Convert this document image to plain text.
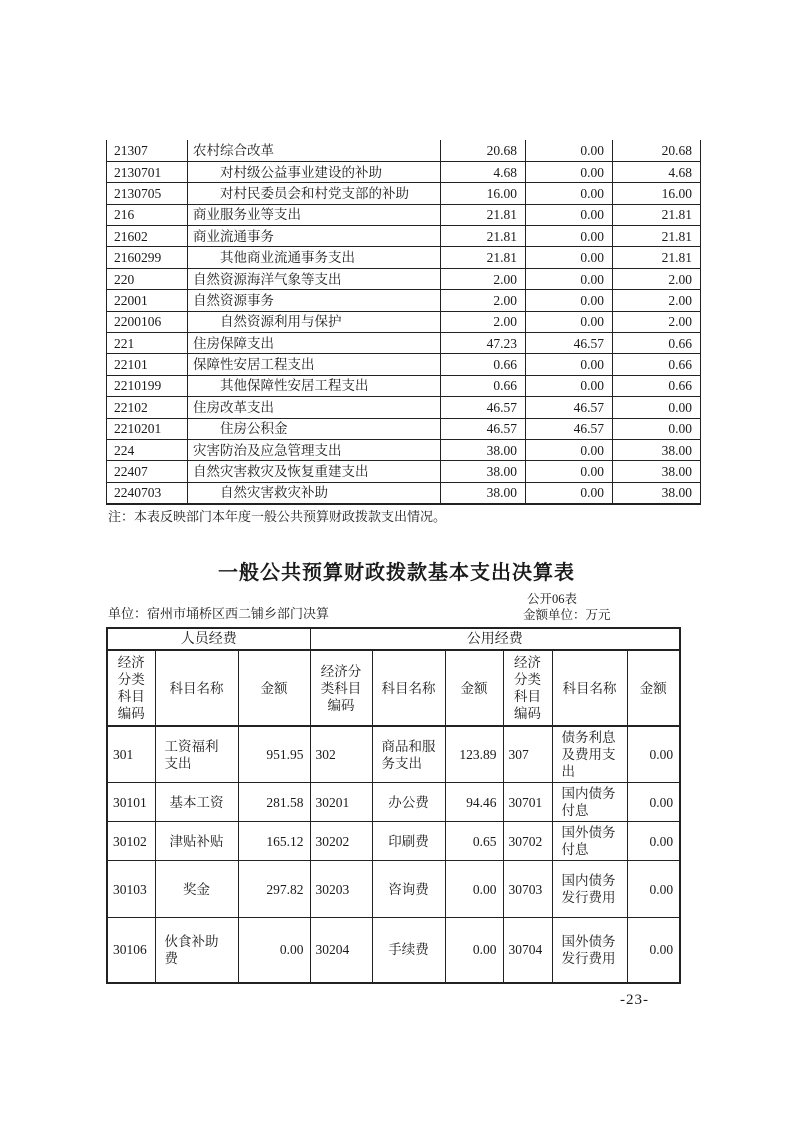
21307	农村综合改革	20.68	0.00	20.68
2130701	　　对村级公益事业建设的补助	4.68	0.00	4.68
2130705	　　对村民委员会和村党支部的补助	16.00	0.00	16.00
216	商业服务业等支出	21.81	0.00	21.81
21602	商业流通事务	21.81	0.00	21.81
2160299	　　其他商业流通事务支出	21.81	0.00	21.81
220	自然资源海洋气象等支出	2.00	0.00	2.00
22001	自然资源事务	2.00	0.00	2.00
2200106	　　自然资源利用与保护	2.00	0.00	2.00
221	住房保障支出	47.23	46.57	0.66
22101	保障性安居工程支出	0.66	0.00	0.66
2210199	　　其他保障性安居工程支出	0.66	0.00	0.66
22102	住房改革支出	46.57	46.57	0.00
2210201	　　住房公积金	46.57	46.57	0.00
224	灾害防治及应急管理支出	38.00	0.00	38.00
22407	自然灾害救灾及恢复重建支出	38.00	0.00	38.00
2240703	　　自然灾害救灾补助	38.00	0.00	38.00
注：本表反映部门本年度一般公共预算财政拨款支出情况。
一般公共预算财政拨款基本支出决算表
公开06表
单位：宿州市埇桥区西二铺乡部门决算	金额单位：万元
人员经费			公用经费					
经济分类科目编码	科目名称	金额	经济分类科目编码	科目名称	金额	经济分类科目编码	科目名称	金额
301	工资福利支出	951.95	302	商品和服务支出	123.89	307	债务利息及费用支出	0.00
30101	基本工资	281.58	30201	办公费	94.46	30701	国内债务付息	0.00
30102	津贴补贴	165.12	30202	印刷费	0.65	30702	国外债务付息	0.00
30103	奖金	297.82	30203	咨询费	0.00	30703	国内债务发行费用	0.00
30106	伙食补助费	0.00	30204	手续费	0.00	30704	国外债务发行费用	0.00
-23-
